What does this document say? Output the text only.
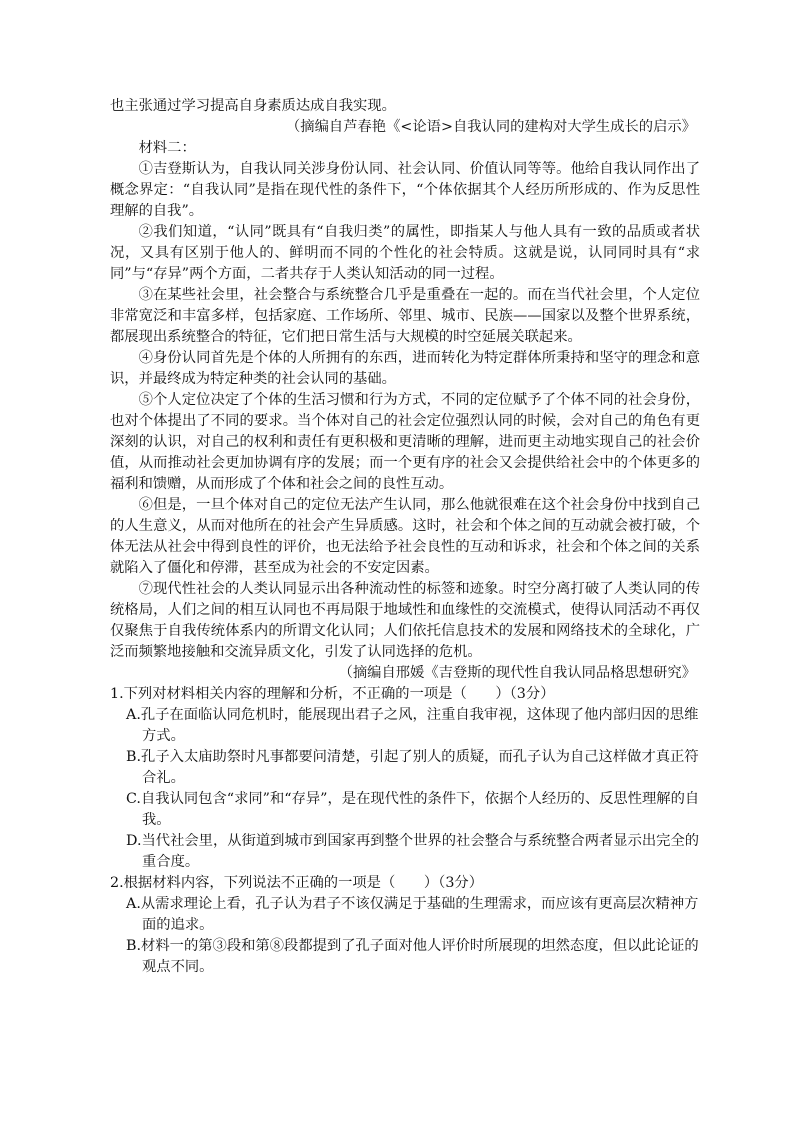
也主张通过学习提高自身素质达成自我实现。

（摘编自芦春艳《<论语>自我认同的建构对大学生成长的启示》

材料二：

①吉登斯认为，自我认同关涉身份认同、社会认同、价值认同等等。他给自我认同作出了概念界定：“自我认同”是指在现代性的条件下，“个体依据其个人经历所形成的、作为反思性理解的自我”。

②我们知道，“认同”既具有“自我归类”的属性，即指某人与他人具有一致的品质或者状况，又具有区别于他人的、鲜明而不同的个性化的社会特质。这就是说，认同同时具有“求同”与“存异”两个方面，二者共存于人类认知活动的同一过程。

③在某些社会里，社会整合与系统整合几乎是重叠在一起的。而在当代社会里，个人定位非常宽泛和丰富多样，包括家庭、工作场所、邻里、城市、民族——国家以及整个世界系统，都展现出系统整合的特征，它们把日常生活与大规模的时空延展关联起来。

④身份认同首先是个体的人所拥有的东西，进而转化为特定群体所秉持和坚守的理念和意识，并最终成为特定种类的社会认同的基础。

⑤个人定位决定了个体的生活习惯和行为方式，不同的定位赋予了个体不同的社会身份，也对个体提出了不同的要求。当个体对自己的社会定位强烈认同的时候，会对自己的角色有更深刻的认识，对自己的权利和责任有更积极和更清晰的理解，进而更主动地实现自己的社会价值，从而推动社会更加协调有序的发展；而一个更有序的社会又会提供给社会中的个体更多的福利和馈赠，从而形成了个体和社会之间的良性互动。

⑥但是，一旦个体对自己的定位无法产生认同，那么他就很难在这个社会身份中找到自己的人生意义，从而对他所在的社会产生异质感。这时，社会和个体之间的互动就会被打破，个体无法从社会中得到良性的评价，也无法给予社会良性的互动和诉求，社会和个体之间的关系就陷入了僵化和停滞，甚至成为社会的不安定因素。

⑦现代性社会的人类认同显示出各种流动性的标签和迹象。时空分离打破了人类认同的传统格局，人们之间的相互认同也不再局限于地域性和血缘性的交流模式，使得认同活动不再仅仅聚焦于自我传统体系内的所谓文化认同；人们依托信息技术的发展和网络技术的全球化，广泛而频繁地接触和交流异质文化，引发了认同选择的危机。

（摘编自邢媛《吉登斯的现代性自我认同品格思想研究》

1.下列对材料相关内容的理解和分析，不正确的一项是（　　）（3分）

A.孔子在面临认同危机时，能展现出君子之风，注重自我审视，这体现了他内部归因的思维方式。

B.孔子入太庙助祭时凡事都要问清楚，引起了别人的质疑，而孔子认为自己这样做才真正符合礼。

C.自我认同包含“求同”和“存异”，是在现代性的条件下，依据个人经历的、反思性理解的自我。

D.当代社会里，从街道到城市到国家再到整个世界的社会整合与系统整合两者显示出完全的重合度。

2.根据材料内容，下列说法不正确的一项是（　　）（3分）

A.从需求理论上看，孔子认为君子不该仅满足于基础的生理需求，而应该有更高层次精神方面的追求。

B.材料一的第③段和第⑧段都提到了孔子面对他人评价时所展现的坦然态度，但以此论证的观点不同。
